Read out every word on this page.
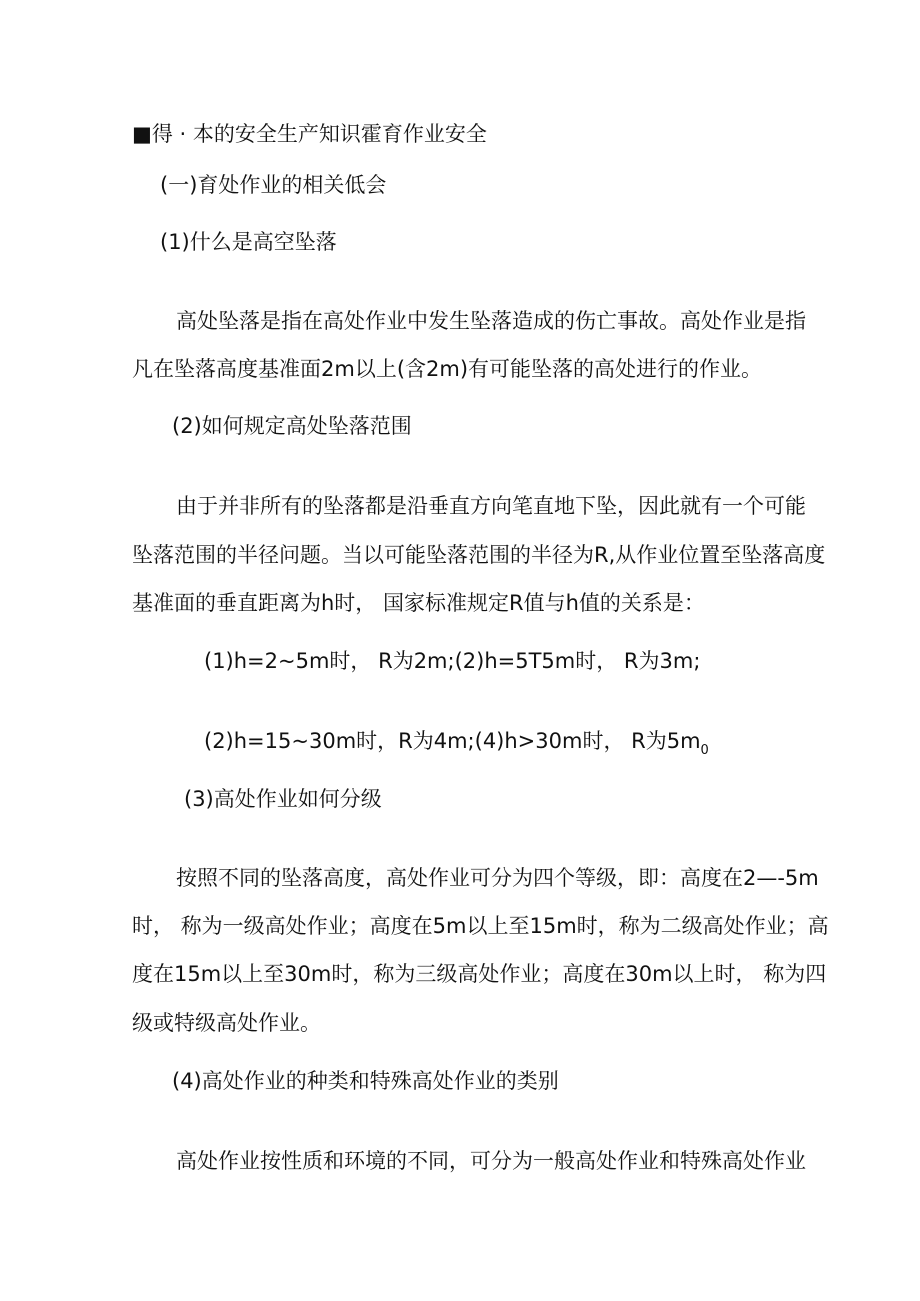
■得 · 本的安全生产知识霍育作业安全
(一)育处作业的相关低会
(1)什么是高空坠落
高处坠落是指在高处作业中发生坠落造成的伤亡事故。高处作业是指
凡在坠落高度基准面2m以上(含2m)有可能坠落的高处进行的作业。
(2)如何规定高处坠落范围
由于并非所有的坠落都是沿垂直方向笔直地下坠，因此就有一个可能
坠落范围的半径问题。当以可能坠落范围的半径为R,从作业位置至坠落高度
基准面的垂直距离为h时， 国家标准规定R值与h值的关系是：
(1)h=2~5m时， R为2m;(2)h=5T5m时， R为3m;
(2)h=15~30m时，R为4m;(4)h>30m时， R为$5m_0$
(3)高处作业如何分级
按照不同的坠落高度，高处作业可分为四个等级，即：高度在2—-5m
时， 称为一级高处作业；高度在5m以上至15m时，称为二级高处作业；高
度在15m以上至30m时，称为三级高处作业；高度在30m以上时， 称为四
级或特级高处作业。
(4)高处作业的种类和特殊高处作业的类别
高处作业按性质和环境的不同，可分为一般高处作业和特殊高处作业
